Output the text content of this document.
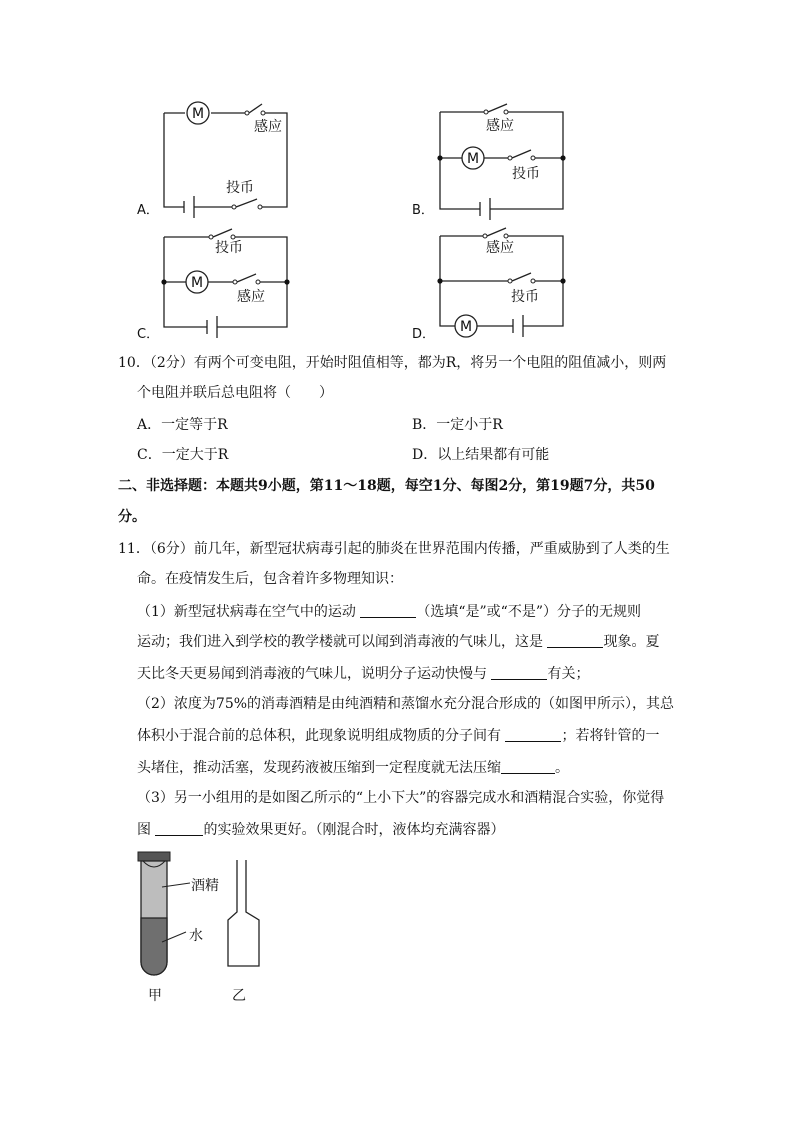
M
M
M
M
感应
投币
感应
投币
投币
感应
感应
投币
A．	B．
C．	D．
10．（2分）有两个可变电阻，开始时阻值相等，都为R，将另一个电阻的阻值减小，则两
个电阻并联后总电阻将（　　）
A．一定等于R	B．一定小于R
C．一定大于R	D．以上结果都有可能
二、非选择题：本题共9小题，第11～18题，每空1分、每图2分，第19题7分，共50
分。
11．（6分）前几年，新型冠状病毒引起的肺炎在世界范围内传播，严重威胁到了人类的生
命。在疫情发生后，包含着许多物理知识：
（1）新型冠状病毒在空气中的运动	（选填“是”或“不是”）分子的无规则
运动；我们进入到学校的教学楼就可以闻到消毒液的气味儿，这是	现象。夏
天比冬天更易闻到消毒液的气味儿，说明分子运动快慢与	有关；
（2）浓度为75%的消毒酒精是由纯酒精和蒸馏水充分混合形成的（如图甲所示），其总
体积小于混合前的总体积，此现象说明组成物质的分子间有	；若将针管的一
头堵住，推动活塞，发现药液被压缩到一定程度就无法压缩	。
（3）另一小组用的是如图乙所示的“上小下大”的容器完成水和酒精混合实验，你觉得
图	的实验效果更好。（刚混合时，液体均充满容器）
酒精
水
甲	乙
